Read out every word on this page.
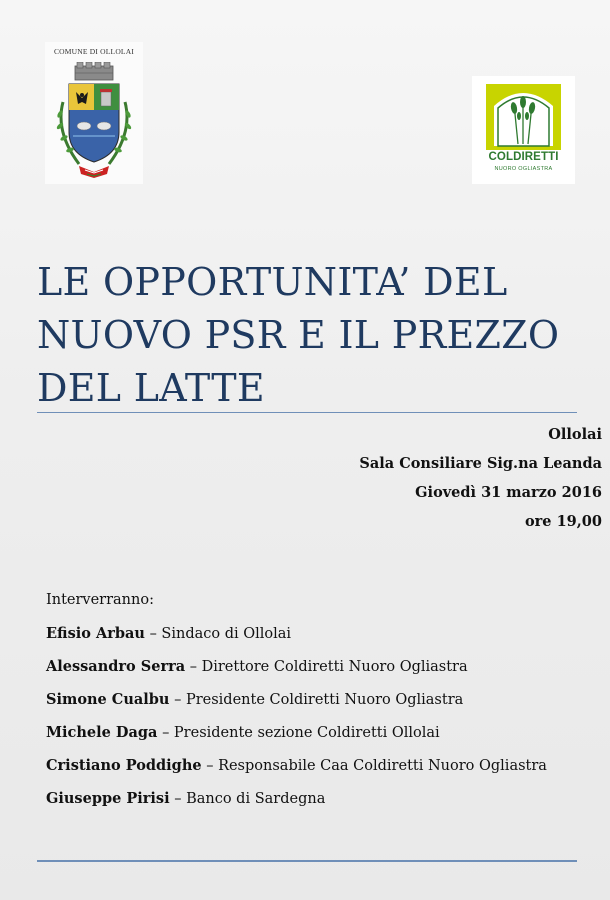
COMUNE DI OLLOLAI
COLDIRETTI
NUORO OGLIASTRA
LE OPPORTUNITA’ DEL
NUOVO PSR E IL PREZZO
DEL LATTE
Ollolai
Sala Consiliare Sig.na Leanda
Giovedì 31 marzo 2016
ore 19,00
Interverranno:
Efisio Arbau – Sindaco di Ollolai
Alessandro Serra – Direttore Coldiretti Nuoro Ogliastra
Simone Cualbu – Presidente Coldiretti Nuoro Ogliastra
Michele Daga – Presidente sezione Coldiretti Ollolai
Cristiano Poddighe – Responsabile Caa Coldiretti Nuoro Ogliastra
Giuseppe Pirisi – Banco di Sardegna
